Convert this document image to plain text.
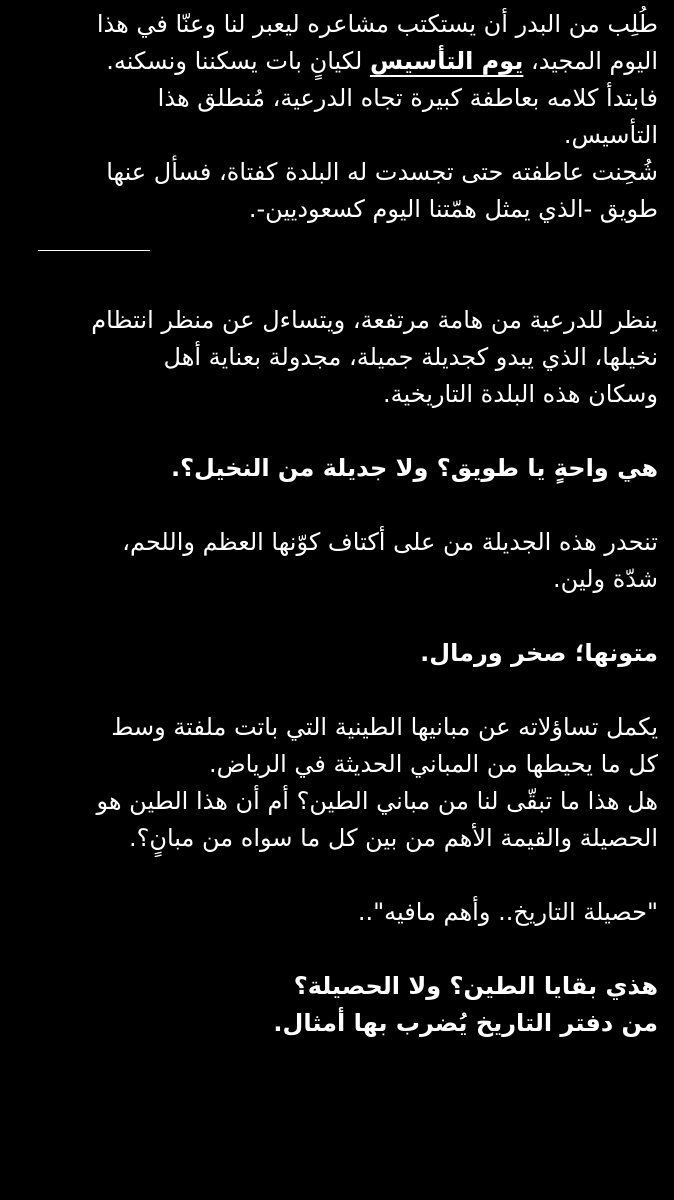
طُلِب من البدر أن يستكتب مشاعره ليعبر لنا وعنّا في هذا
اليوم المجيد، يوم التأسيس لكيانٍ بات يسكننا ونسكنه.
فابتدأ كلامه بعاطفة كبيرة تجاه الدرعية، مُنطلق هذا
التأسيس.
شُحِنت عاطفته حتى تجسدت له البلدة كفتاة، فسأل عنها
طويق -الذي يمثل همّتنا اليوم كسعوديين-.
ينظر للدرعية من هامة مرتفعة، ويتساءل عن منظر انتظام
نخيلها، الذي يبدو كجديلة جميلة، مجدولة بعناية أهل
وسكان هذه البلدة التاريخية.
هي واحةٍ يا طويق؟ ولا جديلة من النخيل؟.
تنحدر هذه الجديلة من على أكتاف كوّنها العظم واللحم،
شدّة ولين.
متونها؛ صخر ورمال.
يكمل تساؤلاته عن مبانيها الطينية التي باتت ملفتة وسط
كل ما يحيطها من المباني الحديثة في الرياض.
هل هذا ما تبقّى لنا من مباني الطين؟ أم أن هذا الطين هو
الحصيلة والقيمة الأهم من بين كل ما سواه من مبانٍ؟.
"حصيلة التاريخ.. وأهم مافيه"..
هذي بقايا الطين؟ ولا الحصيلة؟
من دفتر التاريخ يُضرب بها أمثال.
